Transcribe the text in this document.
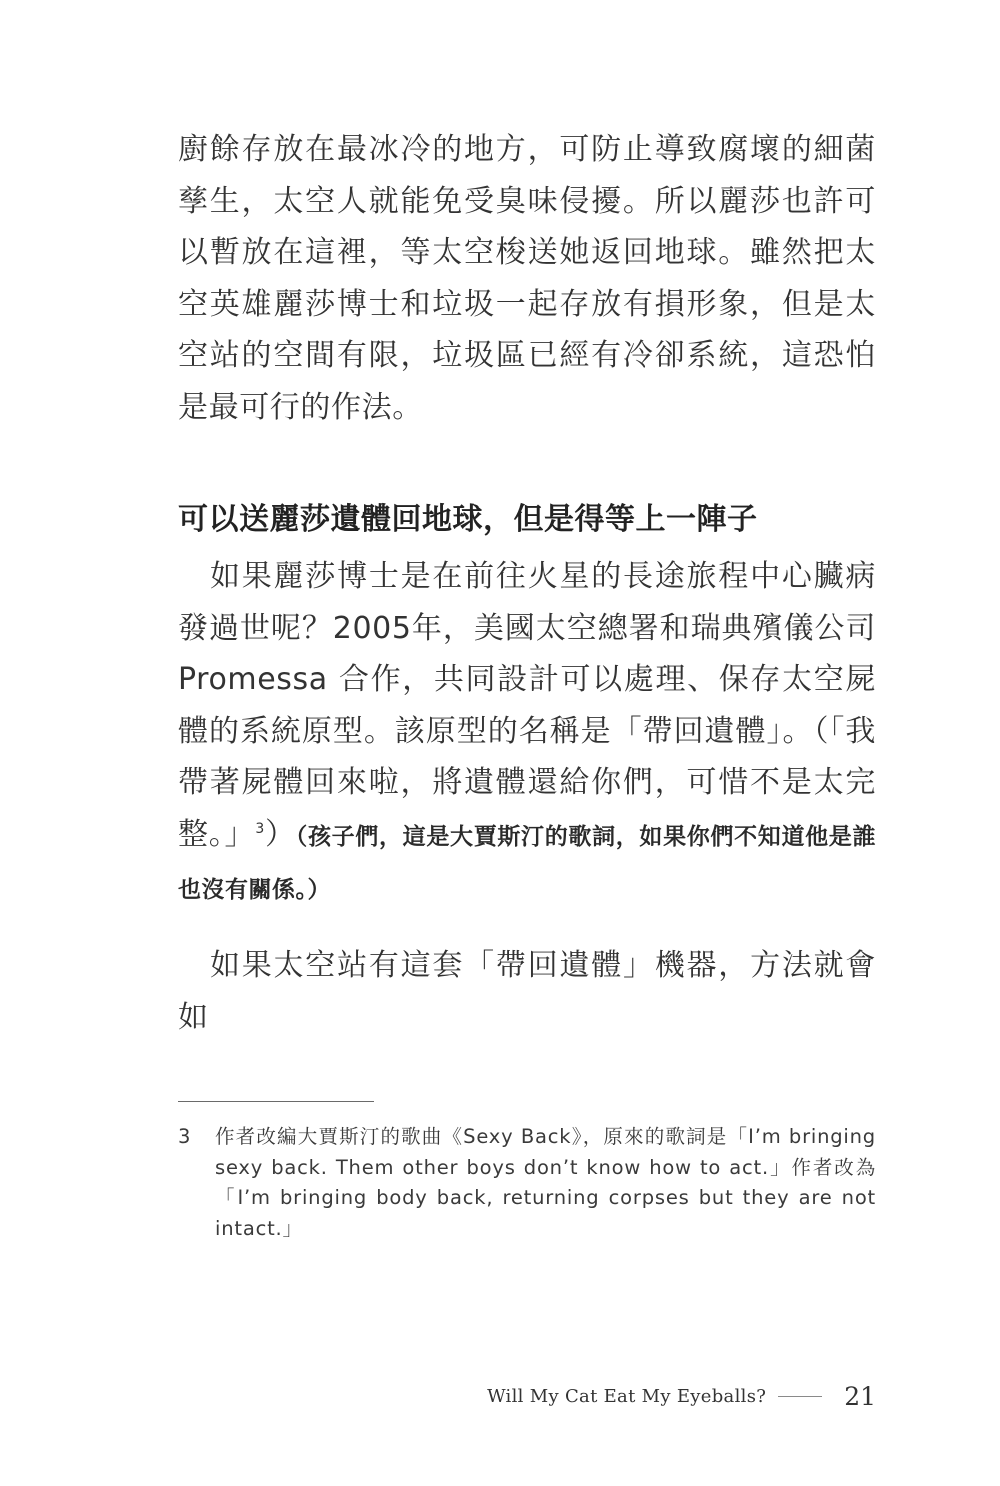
廚餘存放在最冰冷的地方，可防止導致腐壞的細菌孳生，太空人就能免受臭味侵擾。所以麗莎也許可以暫放在這裡，等太空梭送她返回地球。雖然把太空英雄麗莎博士和垃圾一起存放有損形象，但是太空站的空間有限，垃圾區已經有冷卻系統，這恐怕是最可行的作法。

可以送麗莎遺體回地球，但是得等上一陣子

如果麗莎博士是在前往火星的長途旅程中心臟病發過世呢？2005年，美國太空總署和瑞典殯儀公司Promessa 合作，共同設計可以處理、保存太空屍體的系統原型。該原型的名稱是「帶回遺體」。（「我帶著屍體回來啦，將遺體還給你們，可惜不是太完整。」$^3$）（孩子們，這是大賈斯汀的歌詞，如果你們不知道他是誰也沒有關係。）

如果太空站有這套「帶回遺體」機器，方法就會如

3	作者改編大賈斯汀的歌曲《Sexy Back》，原來的歌詞是「I’m bringing sexy back. Them other boys don’t know how to act.」作者改為「I’m bringing body back, returning corpses but they are not intact.」
Will My Cat Eat My Eyeballs?	21
